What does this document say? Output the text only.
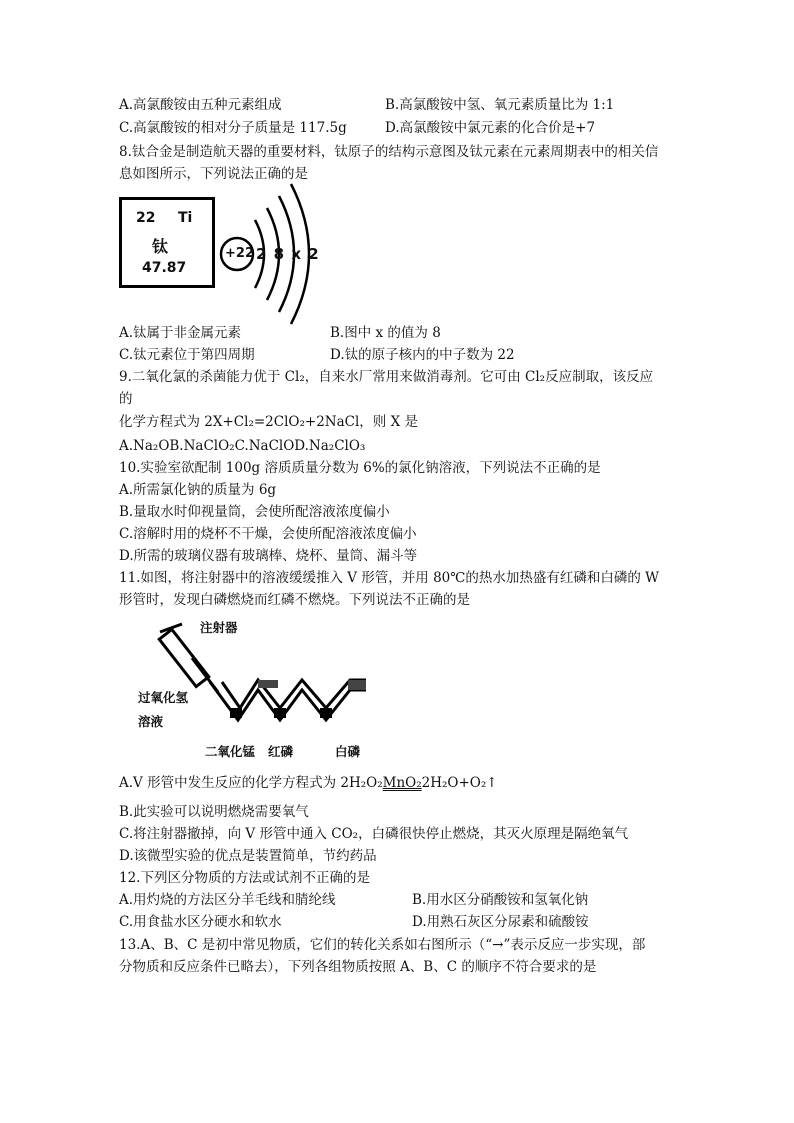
A.高氯酸铵由五种元素组成	B.高氯酸铵中氢、氧元素质量比为 1:1
C.高氯酸铵的相对分子质量是 117.5g	D.高氯酸铵中氯元素的化合价是+7
8.钛合金是制造航天器的重要材料，钛原子的结构示意图及钛元素在元素周期表中的相关信
息如图所示，下列说法正确的是
22 Ti
钛
47.87
+22 2 8 x 2
A.钛属于非金属元素	B.图中 x 的值为 8
C.钛元素位于第四周期	D.钛的原子核内的中子数为 22
9.二氧化氯的杀菌能力优于 Cl₂，自来水厂常用来做消毒剂。它可由 Cl₂反应制取，该反应
的
化学方程式为 2X+Cl₂=2ClO₂+2NaCl，则 X 是
A.Na₂OB.NaClO₂C.NaClOD.Na₂ClO₃
10.实验室欲配制 100g 溶质质量分数为 6%的氯化钠溶液，下列说法不正确的是
A.所需氯化钠的质量为 6g
B.量取水时仰视量筒，会使所配溶液浓度偏小
C.溶解时用的烧杯不干燥，会使所配溶液浓度偏小
D.所需的玻璃仪器有玻璃棒、烧杯、量筒、漏斗等
11.如图，将注射器中的溶液缓缓推入 V 形管，并用 80℃的热水加热盛有红磷和白磷的 W
形管时，发现白磷燃烧而红磷不燃烧。下列说法不正确的是
注射器
过氧化氢
溶液
二氧化锰 红磷	白磷
A.V 形管中发生反应的化学方程式为 2H₂O₂MnO₂2H₂O+O₂↑
B.此实验可以说明燃烧需要氧气
C.将注射器撤掉，向 V 形管中通入 CO₂，白磷很快停止燃烧，其灭火原理是隔绝氧气
D.该微型实验的优点是装置简单，节约药品
12.下列区分物质的方法或试剂不正确的是
A.用灼烧的方法区分羊毛线和腈纶线	B.用水区分硝酸铵和氢氧化钠
C.用食盐水区分硬水和软水	D.用熟石灰区分尿素和硫酸铵
13.A、B、C 是初中常见物质，它们的转化关系如右图所示（“→”表示反应一步实现，部
分物质和反应条件已略去），下列各组物质按照 A、B、C 的顺序不符合要求的是
